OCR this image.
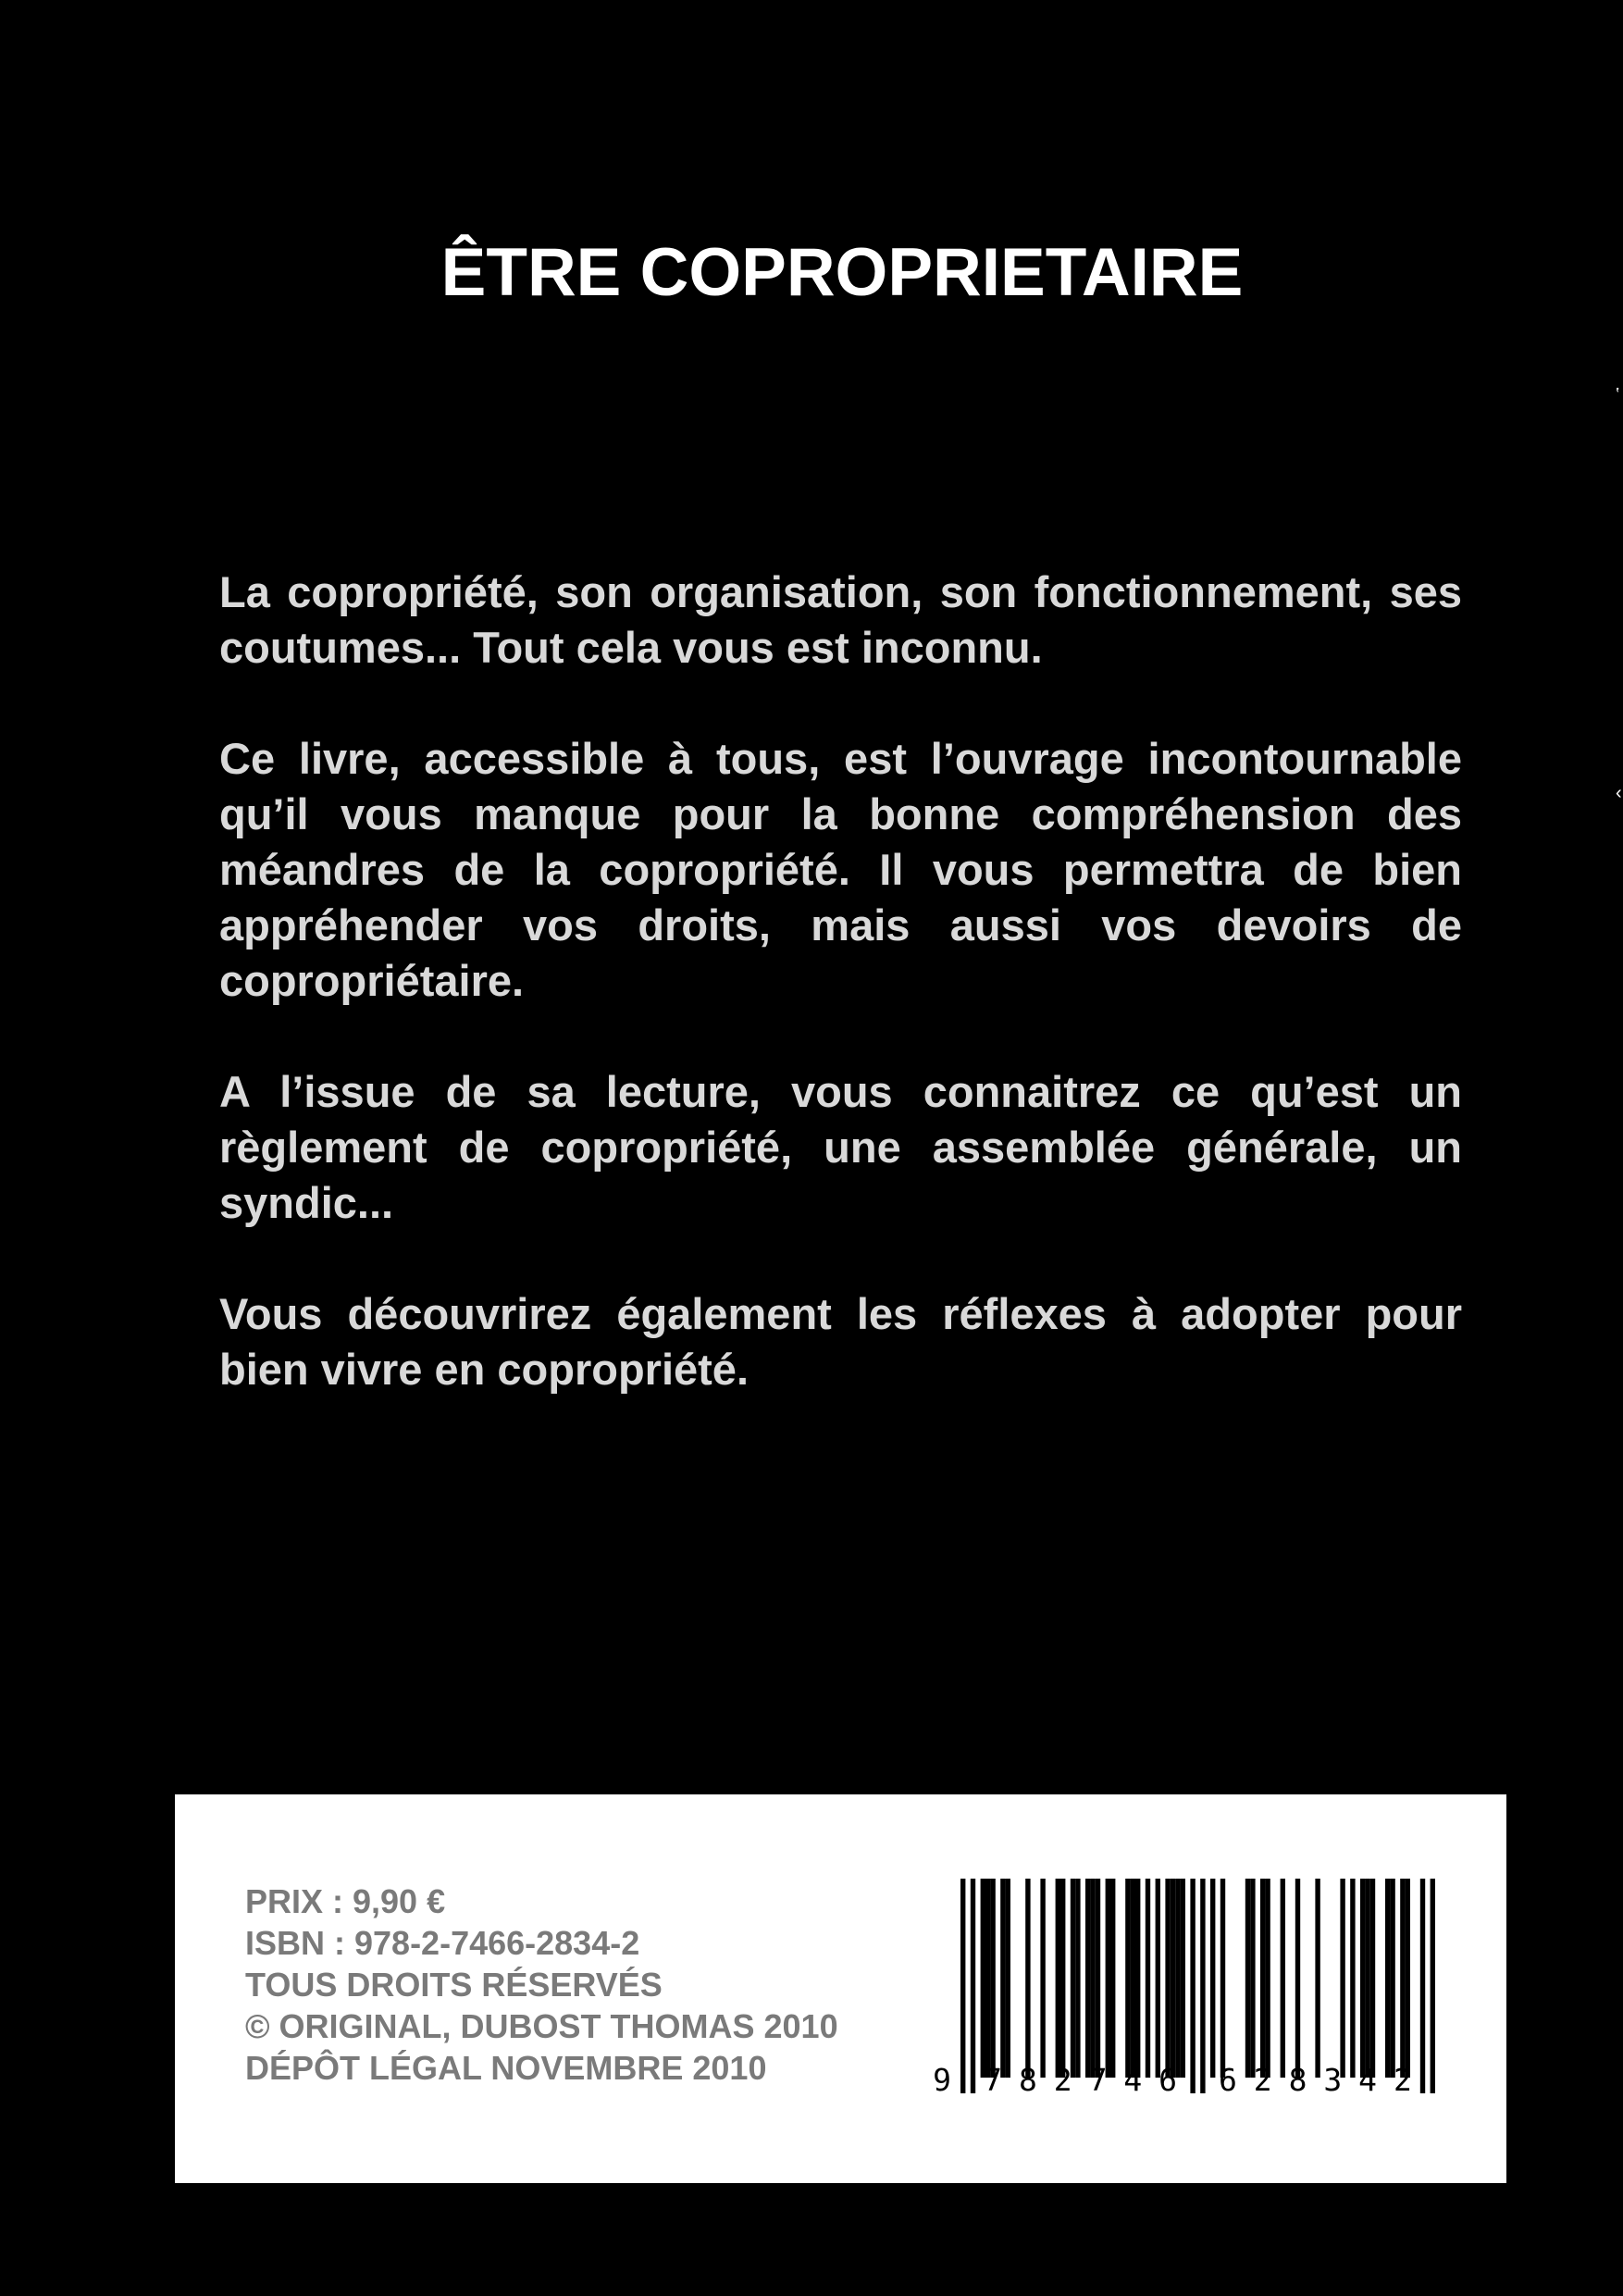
ÊTRE COPROPRIETAIRE

La copropriété, son organisation, son fonctionnement, ses coutumes... Tout cela vous est inconnu.

Ce livre, accessible à tous, est l’ouvrage incontournable qu’il vous manque pour la bonne compréhension des méandres de la copropriété. Il vous permettra de bien appréhender vos droits, mais aussi vos devoirs de copropriétaire.

A l’issue de sa lecture, vous connaitrez ce qu’est un règlement de copropriété, une assemblée générale, un syndic...

Vous découvrirez également les réflexes à adopter pour bien vivre en copropriété.

PRIX : 9,90 €
ISBN : 978-2-7466-2834-2
TOUS DROITS RÉSERVÉS
© ORIGINAL, DUBOST THOMAS 2010
DÉPÔT LÉGAL NOVEMBRE 2010	9 7 8 2 7 4 6 6 2 8 3 4 2
‛
‹
